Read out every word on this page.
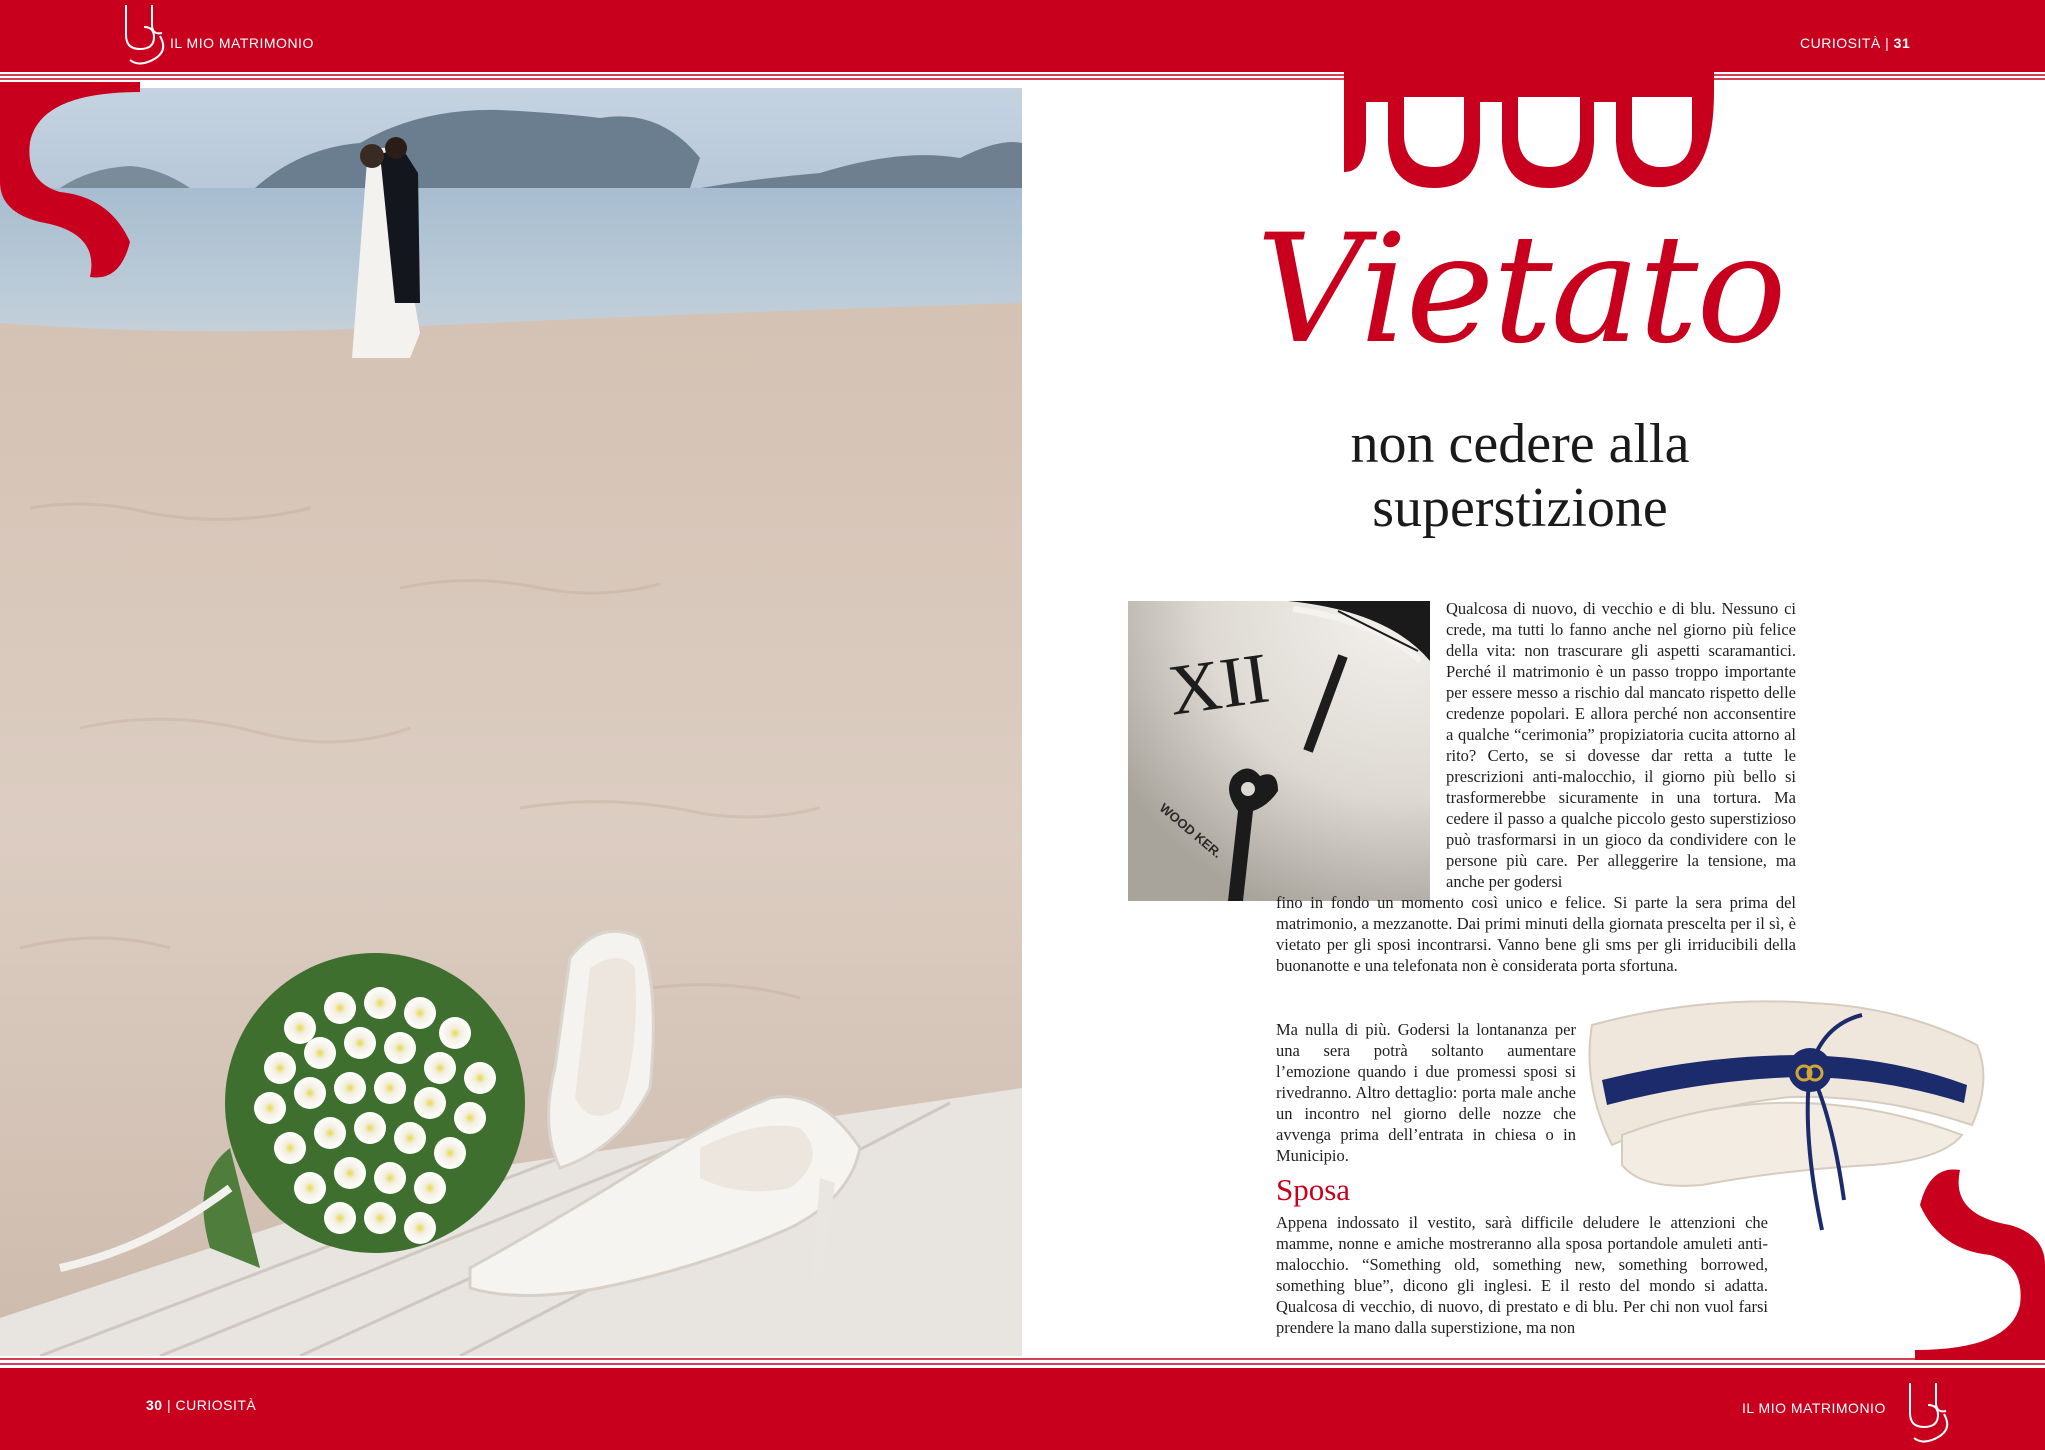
IL MIO MATRIMONIO	CURIOSITÀ | 31
Vietato
non cedere alla
superstizione
XII
WOOD KER.
Qualcosa di nuovo, di vecchio e di blu. Nessuno ci crede, ma tutti lo fanno anche nel giorno più felice della vita: non trascurare gli aspetti scaramantici. Perché il matrimonio è un passo troppo importante per essere messo a rischio dal mancato rispetto delle credenze popolari. E allora perché non acconsentire a qualche “cerimonia” propiziatoria cucita attorno al rito? Certo, se si dovesse dar retta a tutte le prescrizioni anti-malocchio, il giorno più bello si trasformerebbe sicuramente in una tortura. Ma cedere il passo a qualche piccolo gesto superstizioso può trasformarsi in un gioco da condividere con le persone più care. Per alleggerire la tensione, ma anche per godersi
fino in fondo un momento così unico e felice. Si parte la sera prima del matrimonio, a mezzanotte. Dai primi minuti della giornata prescelta per il sì, è vietato per gli sposi incontrarsi. Vanno bene gli sms per gli irriducibili della buonanotte e una telefonata non è considerata porta sfortuna.
Ma nulla di più. Godersi la lontananza per una sera potrà soltanto aumentare l’emozione quando i due promessi sposi si rivedranno. Altro dettaglio: porta male anche un incontro nel giorno delle nozze che avvenga prima dell’entrata in chiesa o in Municipio.
Sposa
Appena indossato il vestito, sarà difficile deludere le attenzioni che mamme, nonne e amiche mostreranno alla sposa portandole amuleti anti-malocchio. “Something old, something new, something borrowed, something blue”, dicono gli inglesi. E il resto del mondo si adatta. Qualcosa di vecchio, di nuovo, di prestato e di blu. Per chi non vuol farsi prendere la mano dalla superstizione, ma non
30 | CURIOSITÀ	IL MIO MATRIMONIO
